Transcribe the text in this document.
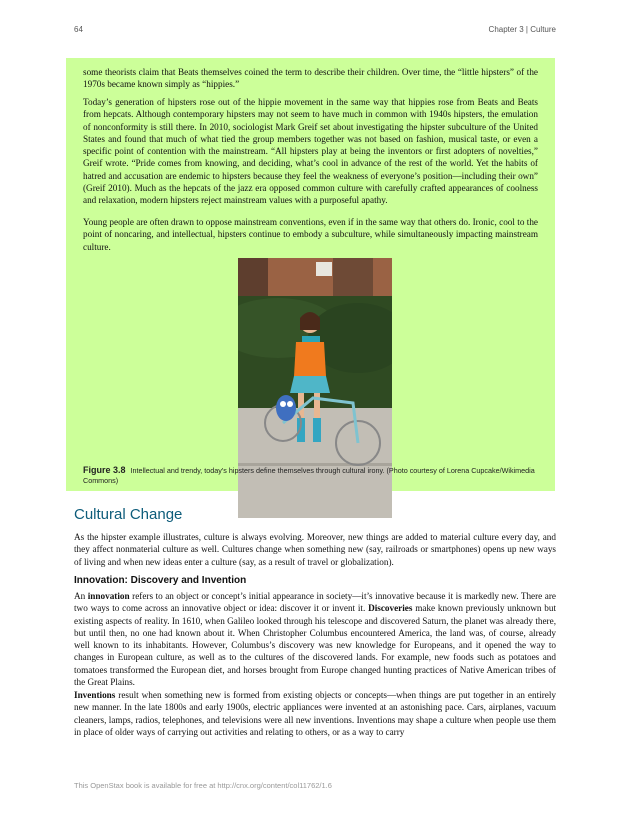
64	Chapter 3 | Culture

some theorists claim that Beats themselves coined the term to describe their children. Over time, the “little hipsters” of the 1970s became known simply as “hippies.”

Today’s generation of hipsters rose out of the hippie movement in the same way that hippies rose from Beats and Beats from hepcats. Although contemporary hipsters may not seem to have much in common with 1940s hipsters, the emulation of nonconformity is still there. In 2010, sociologist Mark Greif set about investigating the hipster subculture of the United States and found that much of what tied the group members together was not based on fashion, musical taste, or even a specific point of contention with the mainstream. “All hipsters play at being the inventors or first adopters of novelties,” Greif wrote. “Pride comes from knowing, and deciding, what’s cool in advance of the rest of the world. Yet the habits of hatred and accusation are endemic to hipsters because they feel the weakness of everyone’s position—including their own” (Greif 2010). Much as the hepcats of the jazz era opposed common culture with carefully crafted appearances of coolness and relaxation, modern hipsters reject mainstream values with a purposeful apathy.

Young people are often drawn to oppose mainstream conventions, even if in the same way that others do. Ironic, cool to the point of noncaring, and intellectual, hipsters continue to embody a subculture, while simultaneously impacting mainstream culture.

Figure 3.8 Intellectual and trendy, today's hipsters define themselves through cultural irony. (Photo courtesy of Lorena Cupcake/Wikimedia Commons)
Cultural Change

As the hipster example illustrates, culture is always evolving. Moreover, new things are added to material culture every day, and they affect nonmaterial culture as well. Cultures change when something new (say, railroads or smartphones) opens up new ways of living and when new ideas enter a culture (say, as a result of travel or globalization).

Innovation: Discovery and Invention

An innovation refers to an object or concept’s initial appearance in society—it’s innovative because it is markedly new. There are two ways to come across an innovative object or idea: discover it or invent it. Discoveries make known previously unknown but existing aspects of reality. In 1610, when Galileo looked through his telescope and discovered Saturn, the planet was already there, but until then, no one had known about it. When Christopher Columbus encountered America, the land was, of course, already well known to its inhabitants. However, Columbus’s discovery was new knowledge for Europeans, and it opened the way to changes in European culture, as well as to the cultures of the discovered lands. For example, new foods such as potatoes and tomatoes transformed the European diet, and horses brought from Europe changed hunting practices of Native American tribes of the Great Plains.

Inventions result when something new is formed from existing objects or concepts—when things are put together in an entirely new manner. In the late 1800s and early 1900s, electric appliances were invented at an astonishing pace. Cars, airplanes, vacuum cleaners, lamps, radios, telephones, and televisions were all new inventions. Inventions may shape a culture when people use them in place of older ways of carrying out activities and relating to others, or as a way to carry

This OpenStax book is available for free at http://cnx.org/content/col11762/1.6
